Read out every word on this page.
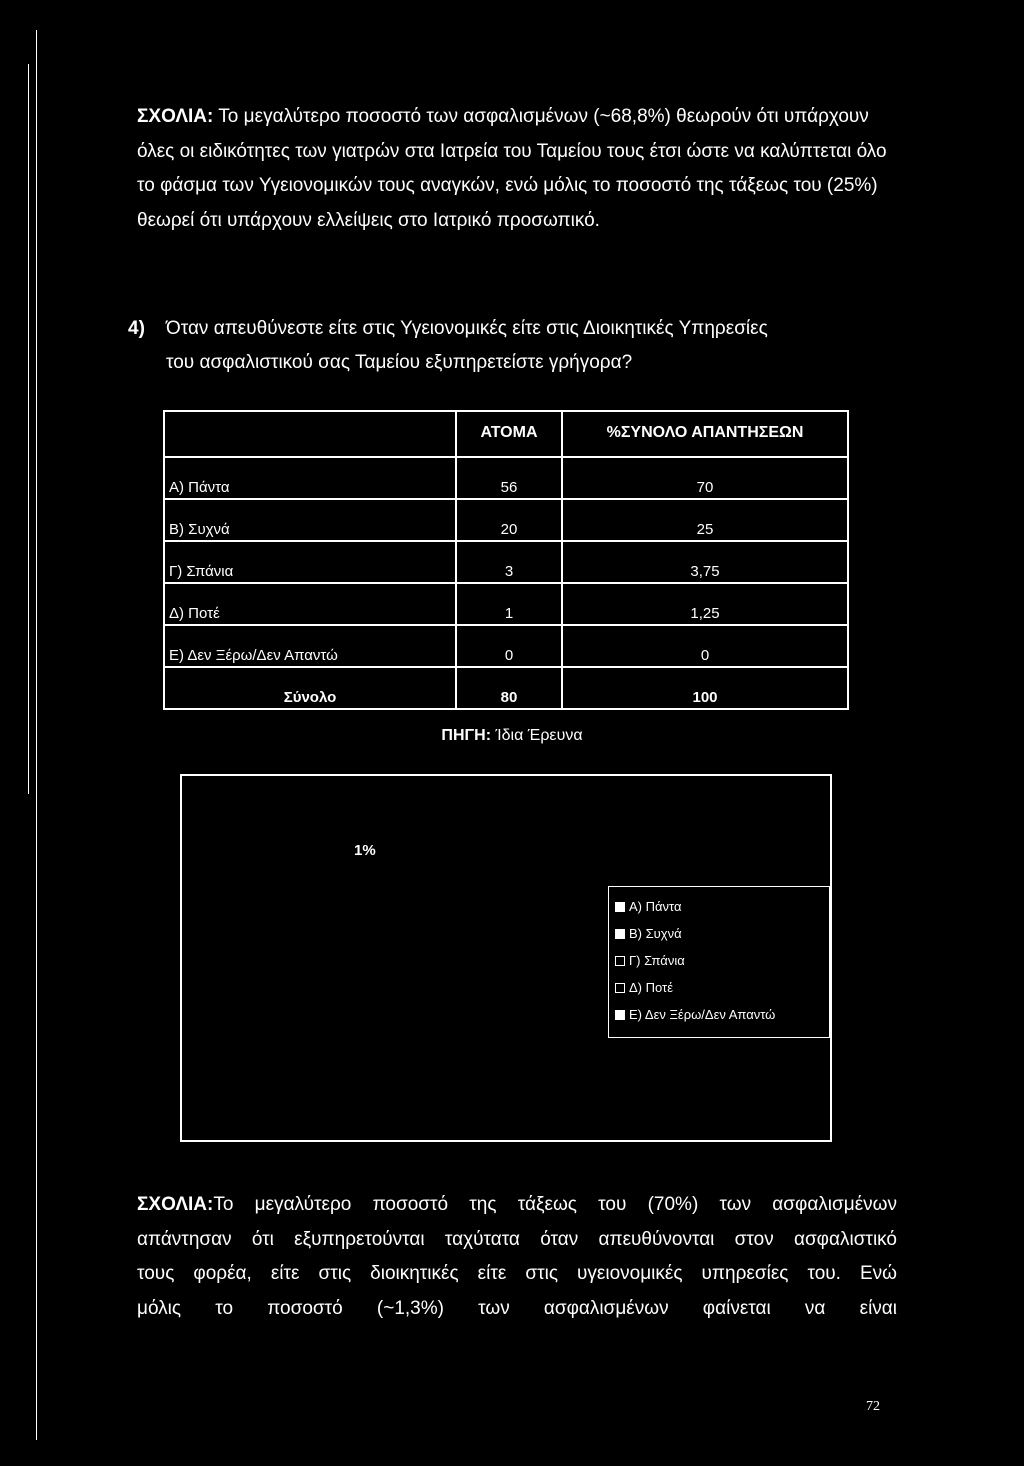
ΣΧΟΛΙΑ: Το μεγαλύτερο ποσοστό των ασφαλισμένων (~68,8%) θεωρούν ότι υπάρχουν όλες οι ειδικότητες των γιατρών στα Ιατρεία του Ταμείου τους έτσι ώστε να καλύπτεται όλο το φάσμα των Υγειονομικών τους αναγκών, ενώ μόλις το ποσοστό της τάξεως του (25%) θεωρεί ότι υπάρχουν ελλείψεις στο Ιατρικό προσωπικό.
4) Όταν απευθύνεστε είτε στις Υγειονομικές είτε στις Διοικητικές Υπηρεσίες
του ασφαλιστικού σας Ταμείου εξυπηρετείστε γρήγορα?
	ΑΤΟΜΑ	%ΣΥΝΟΛΟ ΑΠΑΝΤΗΣΕΩΝ
Α) Πάντα	56	70
Β) Συχνά	20	25
Γ) Σπάνια	3	3,75
Δ) Ποτέ	1	1,25
Ε) Δεν Ξέρω/Δεν Απαντώ	0	0
Σύνολο	80	100
ΠΗΓΗ: Ίδια Έρευνα
1%
Α) Πάντα
Β) Συχνά
Γ) Σπάνια
Δ) Ποτέ
Ε) Δεν Ξέρω/Δεν Απαντώ
ΣΧΟΛΙΑ:Το μεγαλύτερο ποσοστό της τάξεως του (70%) των ασφαλισμένων
απάντησαν ότι εξυπηρετούνται ταχύτατα όταν απευθύνονται στον ασφαλιστικό
τους φορέα, είτε στις διοικητικές είτε στις υγειονομικές υπηρεσίες του. Ενώ
μόλις το ποσοστό (~1,3%) των ασφαλισμένων φαίνεται να είναι
72
